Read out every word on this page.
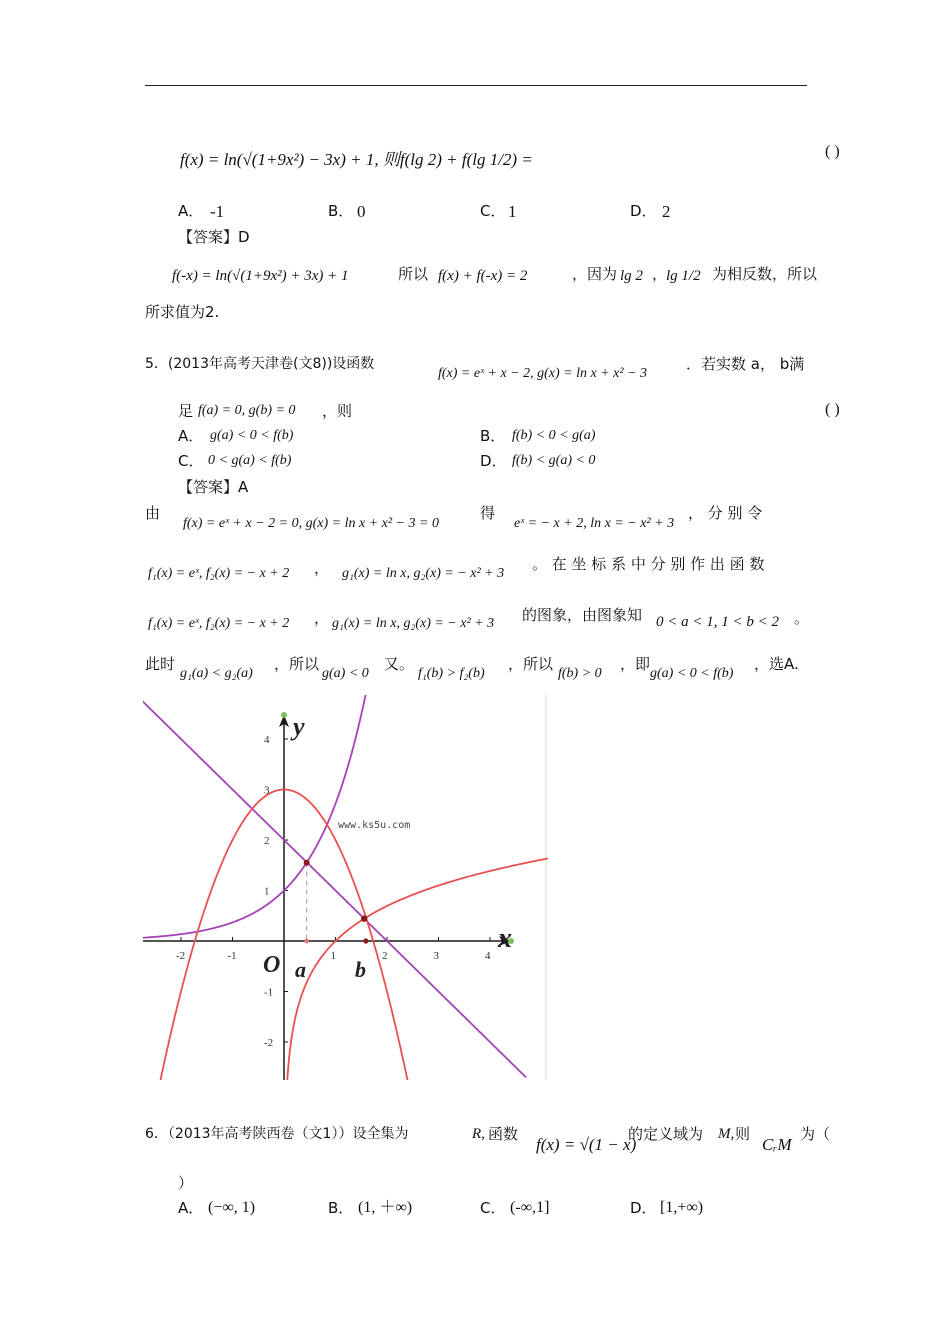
f(x) = ln(√(1+9x²) − 3x) + 1, 则f(lg 2) + f(lg 1/2) =	( )
A． -1	B． 0	C． 1	D． 2
【答案】D
f(-x) = ln(√(1+9x²) + 3x) + 1	所以 f(x) + f(-x) = 2	，因为 lg 2 ，
lg 1/2 为相反数，所以
所求值为2.
5．(2013年高考天津卷(文8))设函数
f(x) = eˣ + x − 2, g(x) = ln x + x² − 3
．若实数 a， b满
足 f(a) = 0, g(b) = 0 ，则	( )
A． g(a) < 0 < f(b)	B． f(b) < 0 < g(a)
C． 0 < g(a) < f(b)	D． f(b) < g(a) < 0
【答案】A
由
f(x) = eˣ + x − 2 = 0, g(x) = ln x + x² − 3 = 0
得
eˣ = − x + 2, ln x = − x² + 3
， 分 别 令
f₁(x) = eˣ, f₂(x) = − x + 2 ， g₁(x) = ln x, g₂(x) = − x² + 3
。 在 坐 标 系 中 分 别 作 出 函 数
f₁(x) = eˣ, f₂(x) = − x + 2 ， g₁(x) = ln x, g₂(x) = − x² + 3 的图象，由图象知 0 < a < 1, 1 < b < 2 。
此时
g₁(a) < g₂(a)
，所以
g(a) < 0
又。
f₁(b) > f₂(b)
，所以
f(b) > 0
，即
g(a) < 0 < f(b)
，选A.
-2	-1	1	2	3	4
4
3
2
1
-1
-2
www.ks5u.com
y
x
O a b
6．（2013年高考陕西卷（文1））设全集为	R, 函数
f(x) = √(1 − x)
的定义域为 M, 则
CᵣM
为（
）
A． (−∞, 1)	B． (1, ＋∞)	C． (-∞,1]	D． [1,+∞)
